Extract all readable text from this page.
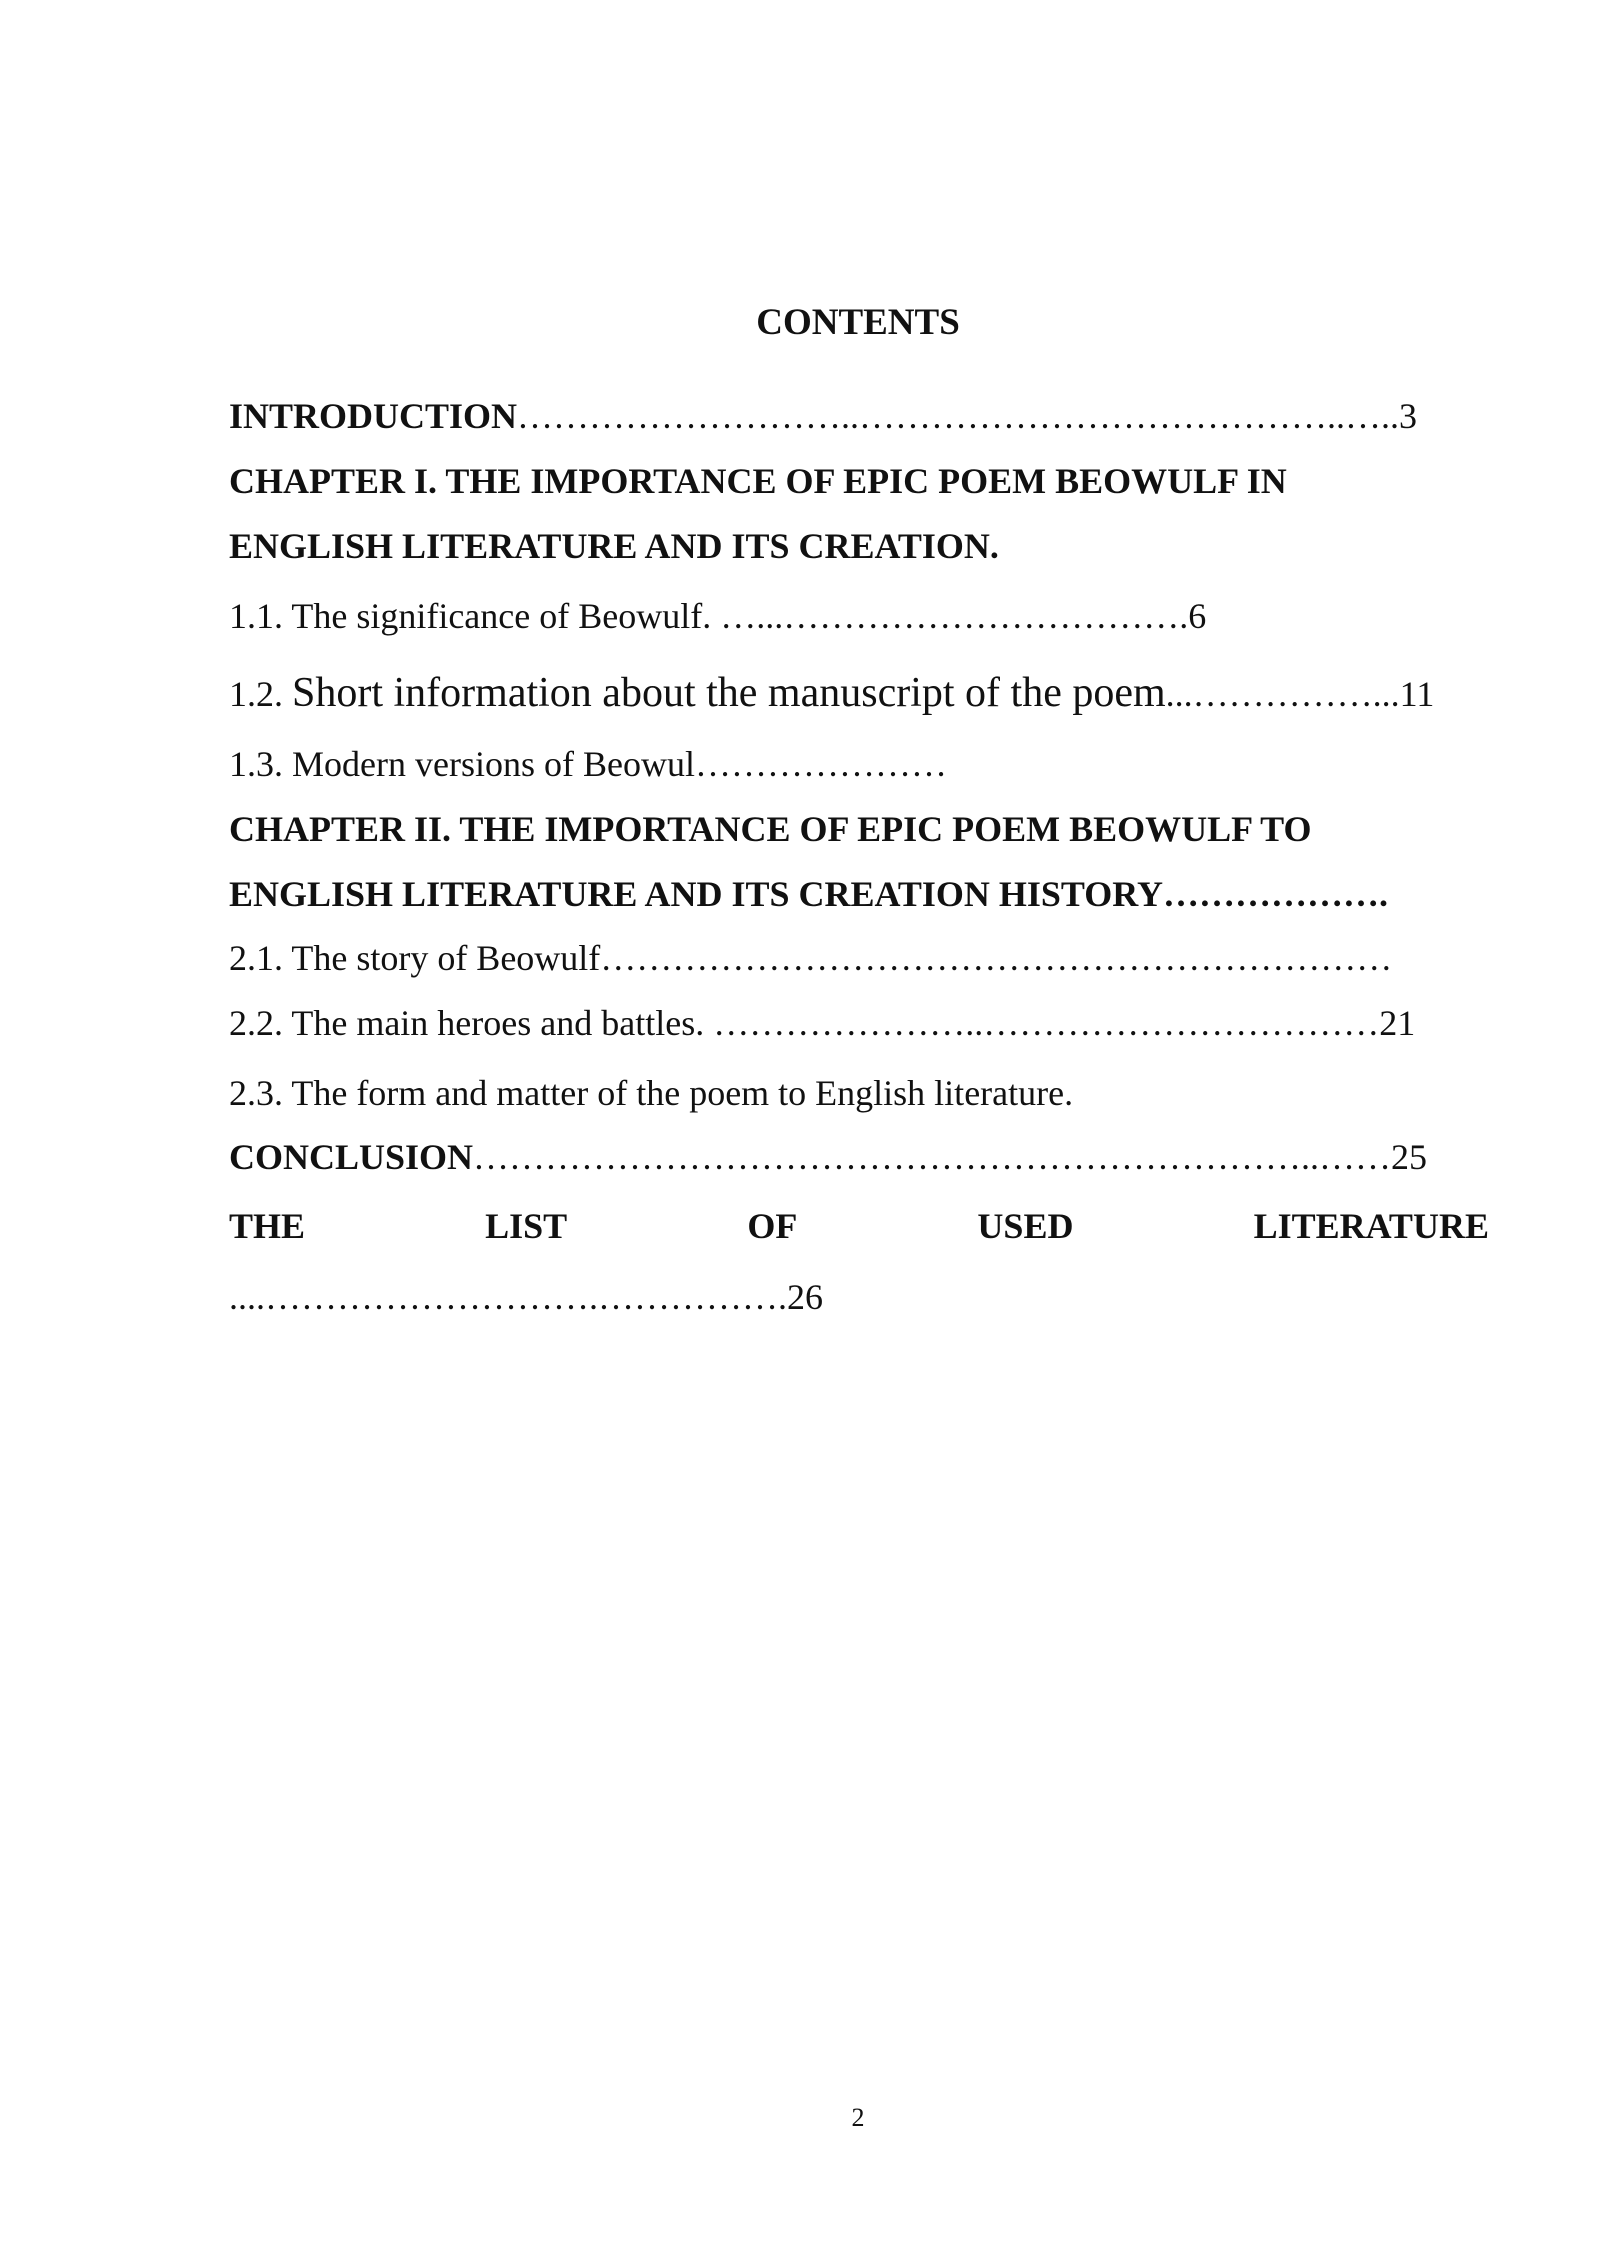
CONTENTS
INTRODUCTION………………………..…………………………………..…..3
CHAPTER I. THE IMPORTANCE OF EPIC POEM BEOWULF IN
ENGLISH LITERATURE AND ITS CREATION.
1.1. The significance of Beowulf. …...…………………………….6
1.2. Short information about the manuscript of the poem...……………...11
1.3. Modern versions of Beowul…………………
CHAPTER II. THE IMPORTANCE OF EPIC POEM BEOWULF TO
ENGLISH LITERATURE AND ITS CREATION HISTORY……………….
2.1. The story of Beowulf…………………………………………………………
2.2. The main heroes and battles. …………………..……………………………21
2.3. The form and matter of the poem to English literature.
CONCLUSION……………………………………………………………..……25
THE	LIST	OF	USED	LITERATURE
....……………………….…………….26
2
